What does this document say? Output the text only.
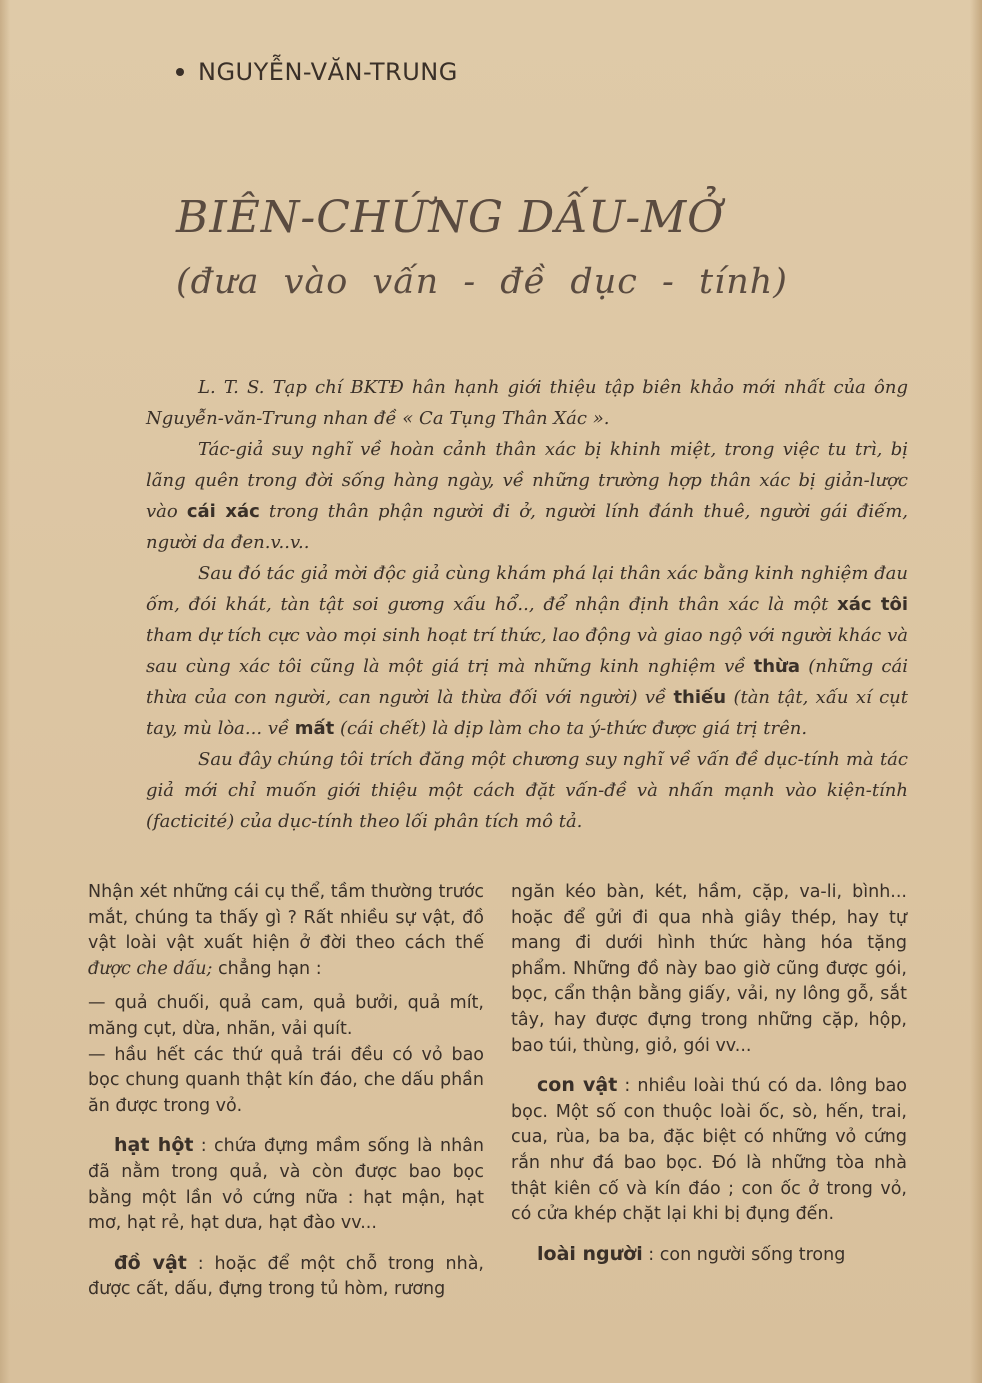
NGUYỄN-VĂN-TRUNG
BIÊN-CHỨNG DẤU-MỞ
(đưa vào vấn - đề dục - tính)

L. T. S. Tạp chí BKTĐ hân hạnh giới thiệu tập biên khảo mới nhất của ông Nguyễn-văn-Trung nhan đề « Ca Tụng Thân Xác ».

Tác-giả suy nghĩ về hoàn cảnh thân xác bị khinh miệt, trong việc tu trì, bị lãng quên trong đời sống hàng ngày, về những trường hợp thân xác bị giản-lược vào cái xác trong thân phận người đi ở, người lính đánh thuê, người gái điếm, người da đen.v..v..

Sau đó tác giả mời độc giả cùng khám phá lại thân xác bằng kinh nghiệm đau ốm, đói khát, tàn tật soi gương xấu hổ.., để nhận định thân xác là một xác tôi tham dự tích cực vào mọi sinh hoạt trí thức, lao động và giao ngộ với người khác và sau cùng xác tôi cũng là một giá trị mà những kinh nghiệm về thừa (những cái thừa của con người, can người là thừa đối với người) về thiếu (tàn tật, xấu xí cụt tay, mù lòa... về mất (cái chết) là dịp làm cho ta ý-thức được giá trị trên.

Sau đây chúng tôi trích đăng một chương suy nghĩ về vấn đề dục-tính mà tác giả mới chỉ muốn giới thiệu một cách đặt vấn-đề và nhấn mạnh vào kiện-tính (facticité) của dục-tính theo lối phân tích mô tả.

Nhận xét những cái cụ thể, tầm thường trước mắt, chúng ta thấy gì ? Rất nhiều sự vật, đồ vật loài vật xuất hiện ở đời theo cách thế được che dấu; chẳng hạn :

— quả chuối, quả cam, quả bưởi, quả mít, măng cụt, dừa, nhãn, vải quít.

— hầu hết các thứ quả trái đều có vỏ bao bọc chung quanh thật kín đáo, che dấu phần ăn được trong vỏ.

hạt hột : chứa đựng mầm sống là nhân đã nằm trong quả, và còn được bao bọc bằng một lần vỏ cứng nữa : hạt mận, hạt mơ, hạt rẻ, hạt dưa, hạt đào vv...

đồ vật : hoặc để một chỗ trong nhà, được cất, dấu, đựng trong tủ hòm, rương

ngăn kéo bàn, két, hầm, cặp, va-li, bình... hoặc để gửi đi qua nhà giây thép, hay tự mang đi dưới hình thức hàng hóa tặng phẩm. Những đồ này bao giờ cũng được gói, bọc, cẩn thận bằng giấy, vải, ny lông gỗ, sắt tây, hay được đựng trong những cặp, hộp, bao túi, thùng, giỏ, gói vv...

con vật : nhiều loài thú có da. lông bao bọc. Một số con thuộc loài ốc, sò, hến, trai, cua, rùa, ba ba, đặc biệt có những vỏ cứng rắn như đá bao bọc. Đó là những tòa nhà thật kiên cố và kín đáo ; con ốc ở trong vỏ, có cửa khép chặt lại khi bị đụng đến.

loài người : con người sống trong
